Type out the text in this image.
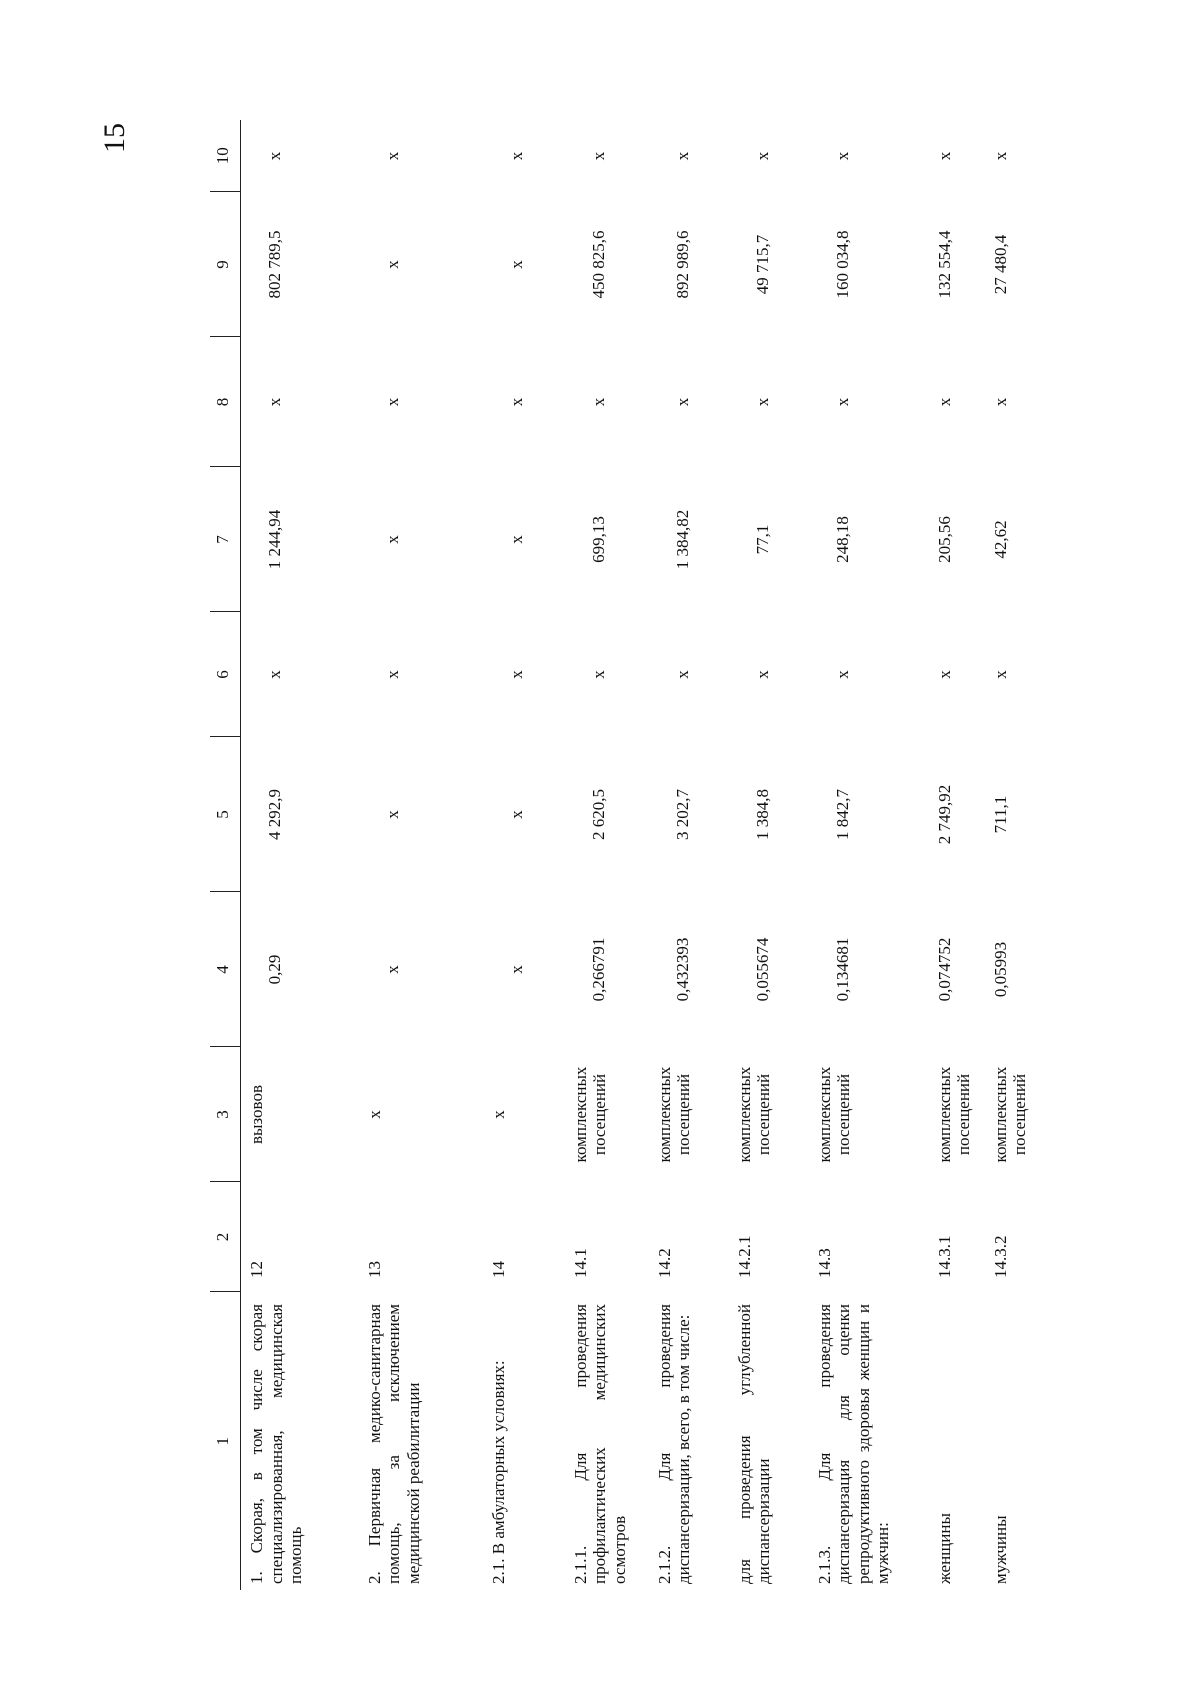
15
1	2	3	4	5	6	7	8	9	10
1. Скорая, в том числе скорая специализированная, медицинская помощь	12	вызовов	0,29	4 292,9	х	1 244,94	х	802 789,5	х
2. Первичная медико-санитарная помощь, за исключением медицинской реабилитации	13	х	х	х	х	х	х	х	х
2.1. В амбулаторных условиях:	14	х	х	х	х	х	х	х	х
2.1.1. Для проведения профилактических медицинских осмотров	14.1	комплексных посещений	0,266791	2 620,5	х	699,13	х	450 825,6	х
2.1.2. Для проведения диспансеризации, всего, в том числе:	14.2	комплексных посещений	0,432393	3 202,7	х	1 384,82	х	892 989,6	х
для проведения углубленной диспансеризации	14.2.1	комплексных посещений	0,055674	1 384,8	х	77,1	х	49 715,7	х
2.1.3. Для проведения диспансеризация для оценки репродуктивного здоровья женщин и мужчин:	14.3	комплексных посещений	0,134681	1 842,7	х	248,18	х	160 034,8	х
женщины	14.3.1	комплексных посещений	0,074752	2 749,92	х	205,56	х	132 554,4	х
мужчины	14.3.2	комплексных посещений	0,05993	711,1	х	42,62	х	27 480,4	х
